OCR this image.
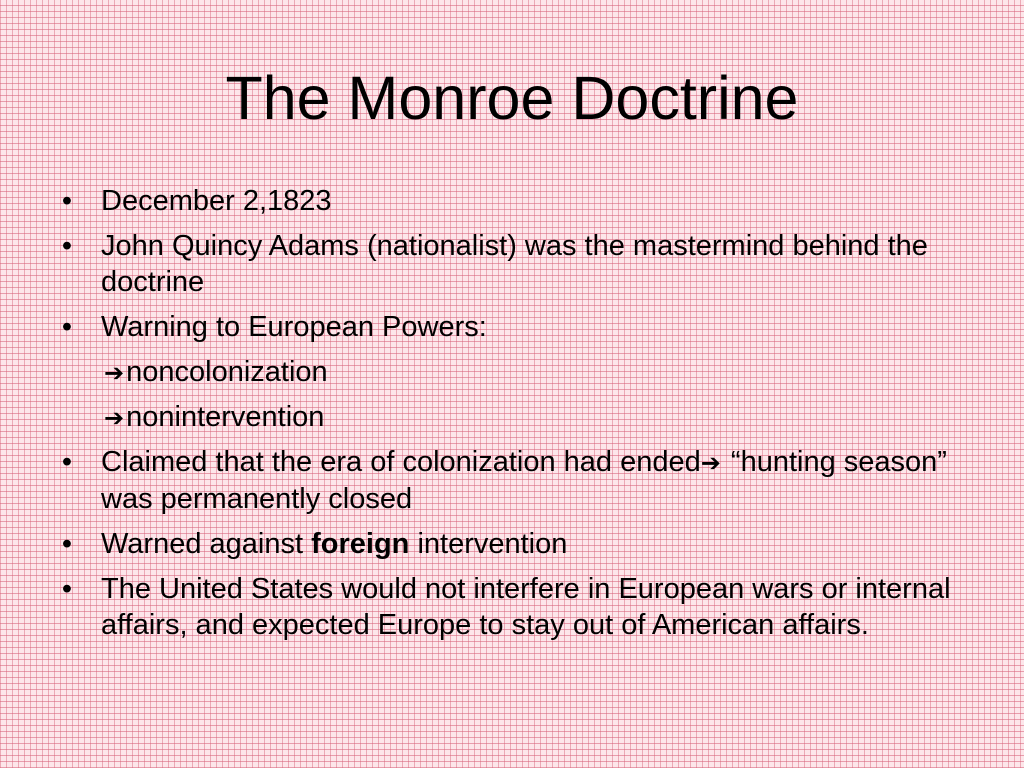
The Monroe Doctrine
• December 2,1823
• John Quincy Adams (nationalist) was the mastermind behind the doctrine
• Warning to European Powers:
➔noncolonization
➔nonintervention
• Claimed that the era of colonization had ended➔ “hunting season” was permanently closed
• Warned against foreign intervention
• The United States would not interfere in European wars or internal affairs, and expected Europe to stay out of American affairs.
